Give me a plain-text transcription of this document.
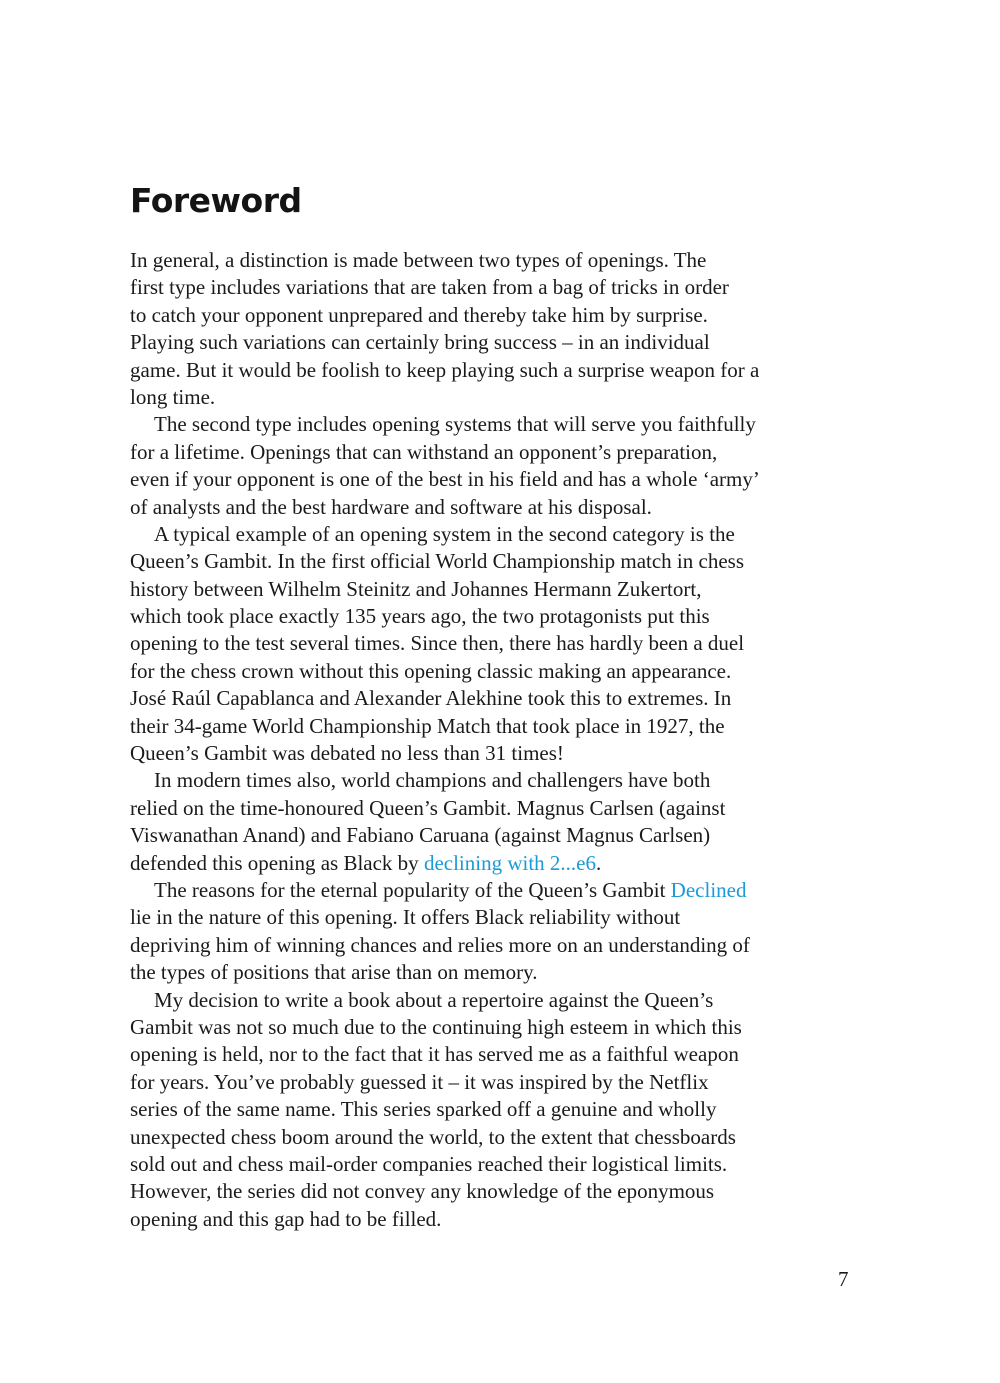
Foreword
In general, a distinction is made between two types of openings. The
first type includes variations that are taken from a bag of tricks in order
to catch your opponent unprepared and thereby take him by surprise.
Playing such variations can certainly bring success – in an individual
game. But it would be foolish to keep playing such a surprise weapon for a
long time.
The second type includes opening systems that will serve you faithfully
for a lifetime. Openings that can withstand an opponent’s preparation,
even if your opponent is one of the best in his field and has a whole ‘army’
of analysts and the best hardware and software at his disposal.
A typical example of an opening system in the second category is the
Queen’s Gambit. In the first official World Championship match in chess
history between Wilhelm Steinitz and Johannes Hermann Zukertort,
which took place exactly 135 years ago, the two protagonists put this
opening to the test several times. Since then, there has hardly been a duel
for the chess crown without this opening classic making an appearance.
José Raúl Capablanca and Alexander Alekhine took this to extremes. In
their 34-game World Championship Match that took place in 1927, the
Queen’s Gambit was debated no less than 31 times!
In modern times also, world champions and challengers have both
relied on the time-honoured Queen’s Gambit. Magnus Carlsen (against
Viswanathan Anand) and Fabiano Caruana (against Magnus Carlsen)
defended this opening as Black by declining with 2...e6.
The reasons for the eternal popularity of the Queen’s Gambit Declined
lie in the nature of this opening. It offers Black reliability without
depriving him of winning chances and relies more on an understanding of
the types of positions that arise than on memory.
My decision to write a book about a repertoire against the Queen’s
Gambit was not so much due to the continuing high esteem in which this
opening is held, nor to the fact that it has served me as a faithful weapon
for years. You’ve probably guessed it – it was inspired by the Netflix
series of the same name. This series sparked off a genuine and wholly
unexpected chess boom around the world, to the extent that chessboards
sold out and chess mail-order companies reached their logistical limits.
However, the series did not convey any knowledge of the eponymous
opening and this gap had to be filled.
7
